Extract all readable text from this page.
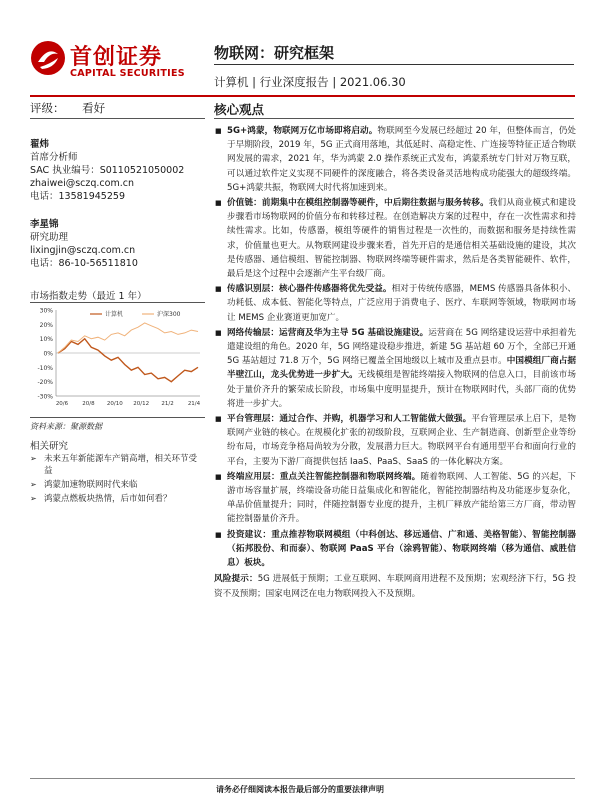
首创证券
CAPITAL SECURITIES
物联网：研究框架
计算机 | 行业深度报告 | 2021.06.30
评级： 看好	核心观点
翟炜
首席分析师
SAC 执业编号：S0110521050002
zhaiwei@sczq.com.cn
电话：13581945259
李星锦
研究助理
lixingjin@sczq.com.cn
电话：86-10-56511810
市场指数走势（最近 1 年）
30%
20%
10%
0%
-10%
-20%
-30%
20/6	20/8 20/10 20/12 21/2	21/4
计算机	沪深300
资料来源：聚源数据
相关研究
➢ 未来五年新能源车产销高增，相关环节受益
➢ 鸿蒙加速物联网时代来临
➢ 鸿蒙点燃板块热情，后市如何看？
■ 5G+鸿蒙，物联网万亿市场即将启动。物联网至今发展已经超过 20 年，但整体而言，仍处于早期阶段，2019 年，5G 正式商用落地，其低延时、高稳定性、广连接等特征正适合物联网发展的需求，2021 年，华为鸿蒙 2.0 操作系统正式发布，鸿蒙系统专门针对万物互联，可以通过软件定义实现不同硬件的深度融合，将各类设备灵活地构成功能强大的超级终端。5G+鸿蒙共振，物联网大时代将加速到来。
■ 价值链：前期集中在模组控制器等硬件，中后期往数据与服务转移。我们从商业模式和建设步骤看市场物联网的价值分布和转移过程。在创造解决方案的过程中，存在一次性需求和持续性需求。比如，传感器，模组等硬件的销售过程是一次性的，而数据和服务是持续性需求，价值量也更大。从物联网建设步骤来看，首先开启的是通信相关基础设施的建设，其次是传感器、通信模组、智能控制器、物联网终端等硬件需求，然后是各类智能硬件、软件，最后是这个过程中会逐渐产生平台级厂商。
■ 传感识别层：核心器件传感器将优先受益。相对于传统传感器，MEMS 传感器具备体积小、功耗低、成本低、智能化等特点，广泛应用于消费电子、医疗、车联网等领域，物联网市场让 MEMS 企业赛道更加宽广。
■ 网络传输层：运营商及华为主导 5G 基础设施建设。运营商在 5G 网络建设运营中承担着先遣建设组的角色。2020 年，5G 网络建设稳步推进，新建 5G 基站超 60 万个，全部已开通 5G 基站超过 71.8 万个，5G 网络已覆盖全国地级以上城市及重点县市。中国模组厂商占据半壁江山，龙头优势进一步扩大。无线模组是智能终端接入物联网的信息入口，目前该市场处于量价齐升的繁荣成长阶段，市场集中度明显提升，预计在物联网时代，头部厂商的优势将进一步扩大。
■ 平台管理层：通过合作、并购，机器学习和人工智能做大做强。平台管理层承上启下，是物联网产业链的核心。在规模化扩张的初级阶段，互联网企业、生产制造商、创新型企业等纷纷布局，市场竞争格局尚较为分散，发展潜力巨大。物联网平台有通用型平台和面向行业的平台，主要为下游厂商提供包括 IaaS、PaaS、SaaS 的一体化解决方案。
■ 终端应用层：重点关注智能控制器和物联网终端。随着物联网、人工智能、5G 的兴起，下游市场容量扩展，终端设备功能日益集成化和智能化，智能控制器结构及功能逐步复杂化，单品价值量提升；同时，伴随控制器专业度的提升，主机厂释放产能给第三方厂商，带动智能控制器量价齐升。
■ 投资建议：重点推荐物联网模组（中科创达、移远通信、广和通、美格智能）、智能控制器（拓邦股份、和而泰）、物联网 PaaS 平台（涂鸦智能）、物联网终端（移为通信、威胜信息）板块。
风险提示：5G 进展低于预期；工业互联网、车联网商用进程不及预期；宏观经济下行，5G 投资不及预期；国家电网泛在电力物联网投入不及预期。
请务必仔细阅读本报告最后部分的重要法律声明
